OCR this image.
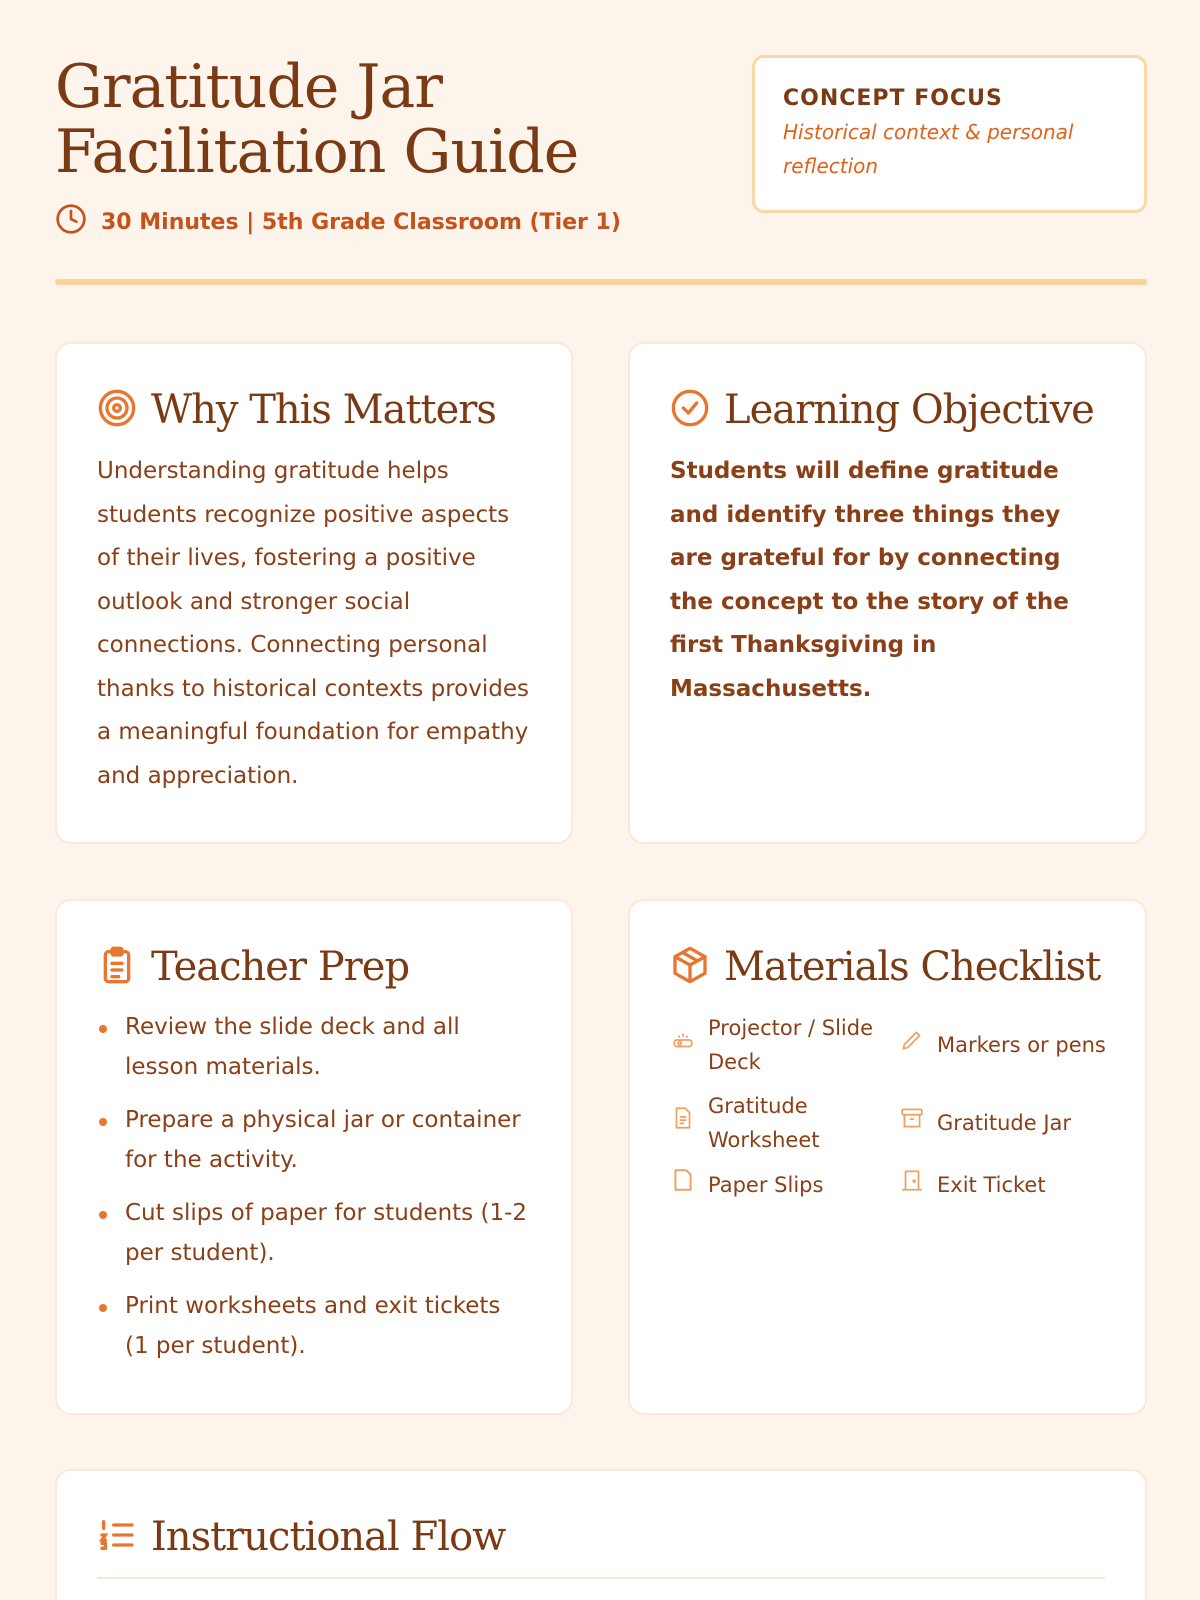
Gratitude Jar Facilitation Guide
30 Minutes | 5th Grade Classroom (Tier 1)
CONCEPT FOCUS
Historical context & personal reflection
Why This Matters

Understanding gratitude helps students recognize positive aspects of their lives, fostering a positive outlook and stronger social connections. Connecting personal thanks to historical contexts provides a meaningful foundation for empathy and appreciation.

Learning Objective

Students will define gratitude and identify three things they are grateful for by connecting the concept to the story of the first Thanksgiving in Massachusetts.

Teacher Prep
Review the slide deck and all lesson materials.
Prepare a physical jar or container for the activity.
Cut slips of paper for students (1-2 per student).
Print worksheets and exit tickets (1 per student).
Materials Checklist
Projector / Slide Deck
Markers or pens
Gratitude Worksheet
Gratitude Jar
Paper Slips	Exit Ticket
Instructional Flow
